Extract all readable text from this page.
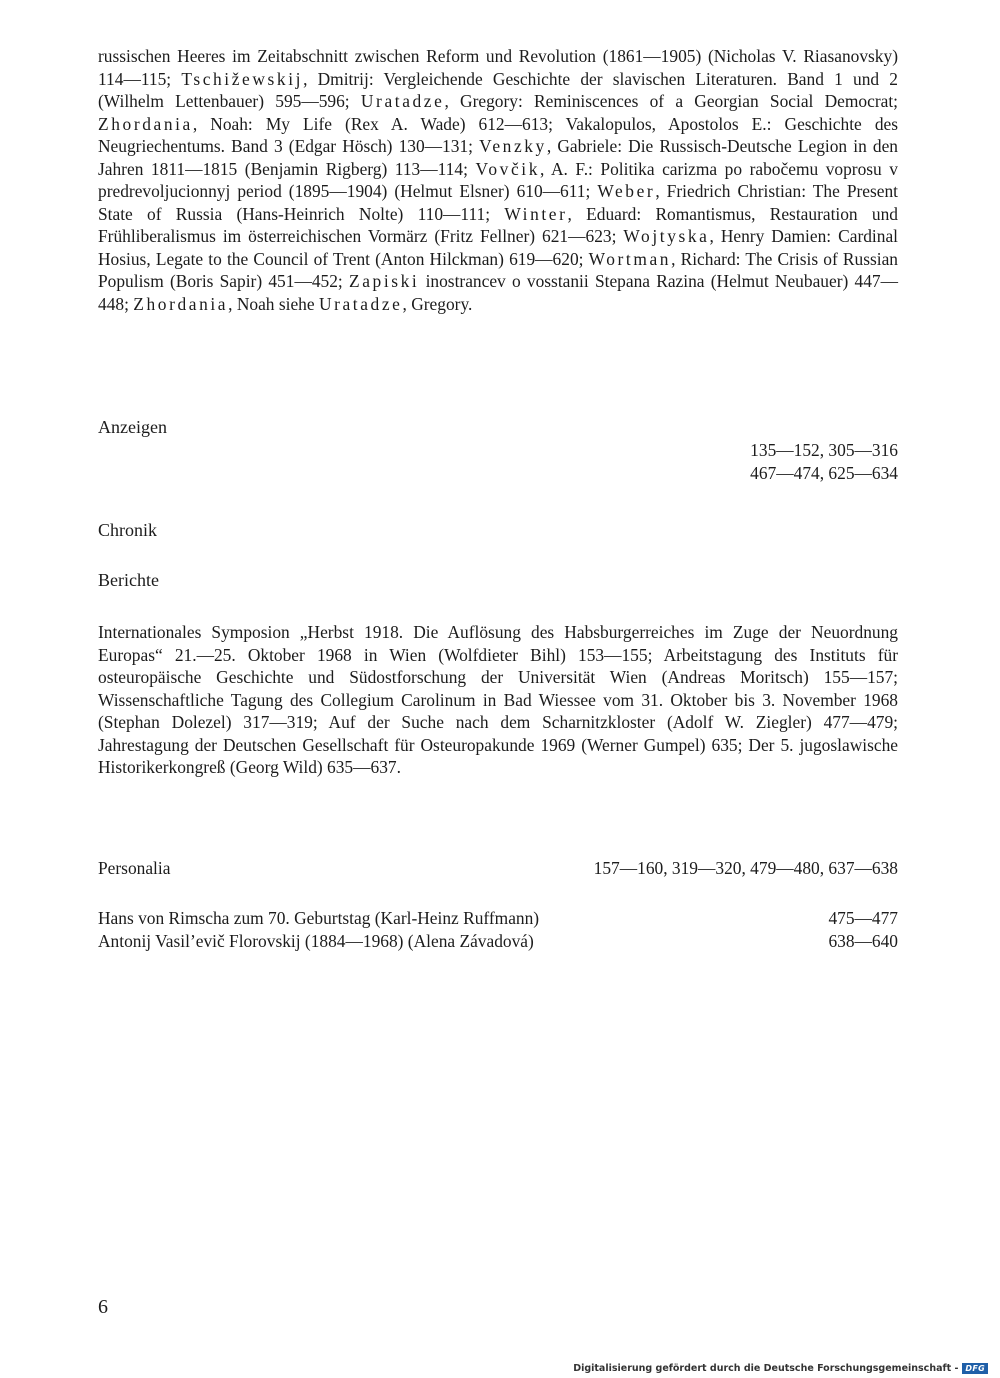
russischen Heeres im Zeitabschnitt zwischen Reform und Revolution (1861—1905) (Nicholas V. Riasanovsky) 114—115; Tschižewskij, Dmitrij: Vergleichende Geschichte der slavischen Literaturen. Band 1 und 2 (Wilhelm Lettenbauer) 595—596; Uratadze, Gregory: Reminiscences of a Georgian Social Democrat; Zhordania, Noah: My Life (Rex A. Wade) 612—613; Vakalopulos, Apostolos E.: Geschichte des Neugriechentums. Band 3 (Edgar Hösch) 130—131; Venzky, Gabriele: Die Russisch-Deutsche Legion in den Jahren 1811—1815 (Benjamin Rigberg) 113—114; Vovčik, A. F.: Politika carizma po rabočemu voprosu v predrevoljucionnyj period (1895—1904) (Helmut Elsner) 610—611; Weber, Friedrich Christian: The Present State of Russia (Hans-Heinrich Nolte) 110—111; Winter, Eduard: Romantismus, Restauration und Frühliberalismus im österreichischen Vormärz (Fritz Fellner) 621—623; Wojtyska, Henry Damien: Cardinal Hosius, Legate to the Council of Trent (Anton Hilckman) 619—620; Wortman, Richard: The Crisis of Russian Populism (Boris Sapir) 451—452; Zapiski inostrancev o vosstanii Stepana Razina (Helmut Neubauer) 447—448; Zhordania, Noah siehe Uratadze, Gregory.

Anzeigen
135—152, 305—316
467—474, 625—634
Chronik
Berichte

Internationales Symposion „Herbst 1918. Die Auflösung des Habsburgerreiches im Zuge der Neuordnung Europas“ 21.—25. Oktober 1968 in Wien (Wolfdieter Bihl) 153—155; Arbeitstagung des Instituts für osteuropäische Geschichte und Südostforschung der Universität Wien (Andreas Moritsch) 155—157; Wissenschaftliche Tagung des Collegium Carolinum in Bad Wiessee vom 31. Oktober bis 3. November 1968 (Stephan Dolezel) 317—319; Auf der Suche nach dem Scharnitzkloster (Adolf W. Ziegler) 477—479; Jahrestagung der Deutschen Gesellschaft für Osteuropakunde 1969 (Werner Gumpel) 635; Der 5. jugoslawische Historikerkongreß (Georg Wild) 635—637.

Personalia	157—160, 319—320, 479—480, 637—638
Hans von Rimscha zum 70. Geburtstag (Karl-Heinz Ruffmann)	475—477
Antonij Vasil’evič Florovskij (1884—1968) (Alena Závadová)	638—640
6
Digitalisierung gefördert durch die Deutsche Forschungsgemeinschaft - DFG
